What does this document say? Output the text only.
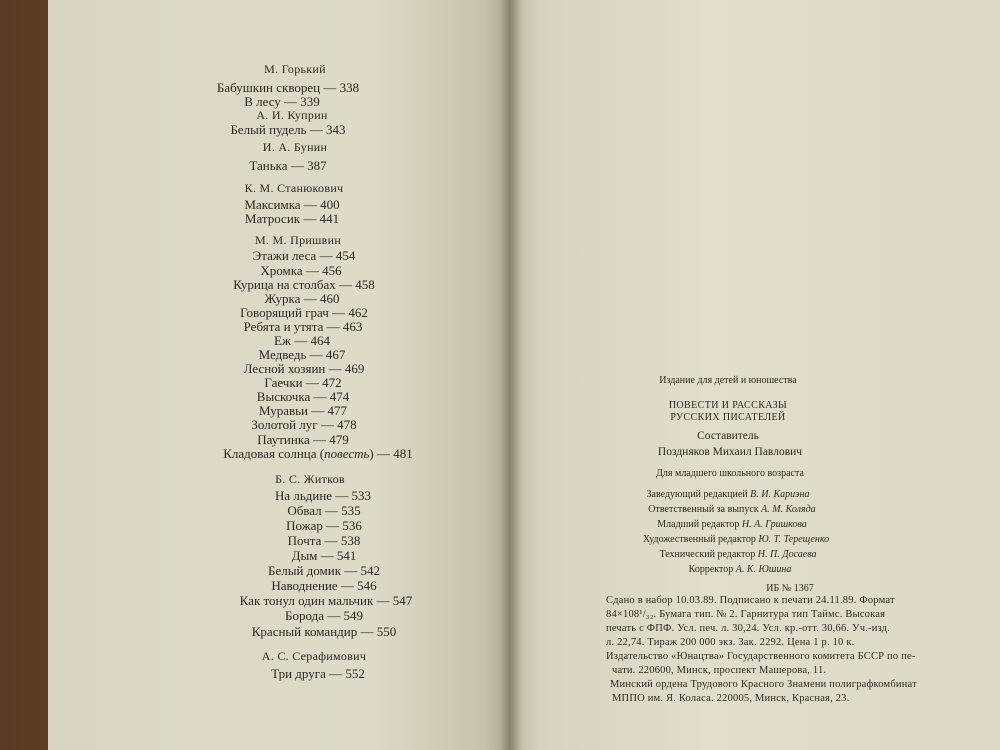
М. Горький
Бабушкин скворец — 338
В лесу — 339
А. И. Куприн
Белый пудель — 343
И. А. Бунин
Танька — 387
К. М. Станюкович
Максимка — 400
Матросик — 441
М. М. Пришвин
Этажи леса — 454
Хромка — 456
Курица на столбах — 458
Журка — 460
Говорящий грач — 462
Ребята и утята — 463
Еж — 464
Медведь — 467
Лесной хозяин — 469
Гаечки — 472
Выскочка — 474
Муравьи — 477
Золотой луг — 478
Паутинка — 479
Кладовая солнца (повесть) — 481
Б. С. Житков
На льдине — 533
Обвал — 535
Пожар — 536
Почта — 538
Дым — 541
Белый домик — 542
Наводнение — 546
Как тонул один мальчик — 547
Борода — 549
Красный командир — 550
А. С. Серафимович
Три друга — 552
Издание для детей и юношества
ПОВЕСТИ И РАССКАЗЫ
РУССКИХ ПИСАТЕЛЕЙ
Составитель
Поздняков Михаил Павлович
Для младшего школьного возраста
Заведующий редакцией В. И. Кариэна
Ответственный за выпуск А. М. Коляда
Младший редактор Н. А. Гришкова
Художественный редактор Ю. Т. Терещенко
Технический редактор Н. П. Досаева
Корректор А. К. Юшина
ИБ № 1367
Сдано в набор 10.03.89. Подписано к печати 24.11.89. Формат
84×108¹/₃₂. Бумага тип. № 2. Гарнитура тип Таймс. Высокая
печать с ФПФ. Усл. печ. л. 30,24. Усл. кр.-отт. 30,66. Уч.-изд.
л. 22,74. Тираж 200 000 экз. Зак. 2292. Цена 1 р. 10 к.
Издательство «Юнацтва» Государственного комитета БССР по пе-
чати. 220600, Минск, проспект Машерова, 11.
Минский ордена Трудового Красного Знамени полиграфкомбинат
МППО им. Я. Коласа. 220005, Минск, Красная, 23.
